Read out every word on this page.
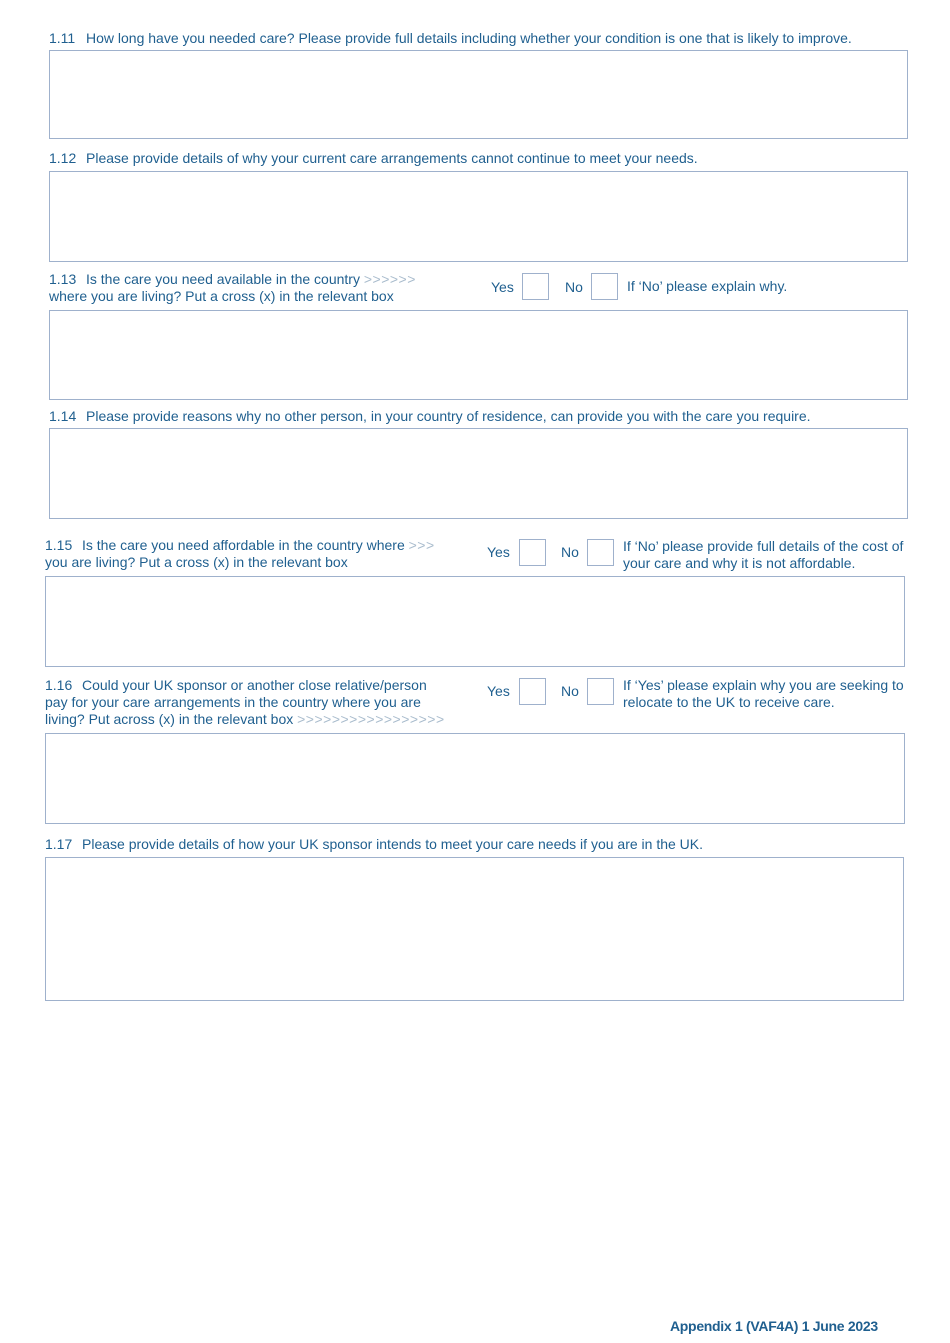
1.11 How long have you needed care? Please provide full details including whether your condition is one that is likely to improve.
1.12 Please provide details of why your current care arrangements cannot continue to meet your needs.
1.13 Is the care you need available in the country >>>>>>
where you are living? Put a cross (x) in the relevant box
Yes	No	If ‘No’ please explain why.
1.14 Please provide reasons why no other person, in your country of residence, can provide you with the care you require.
1.15 Is the care you need affordable in the country where >>>
you are living? Put a cross (x) in the relevant box
Yes	No	If ‘No’ please provide full details of the cost of
your care and why it is not affordable.
1.16 Could your UK sponsor or another close relative/person
pay for your care arrangements in the country where you are
living? Put across (x) in the relevant box >>>>>>>>>>>>>>>>>
Yes	No	If ‘Yes’ please explain why you are seeking to
relocate to the UK to receive care.
1.17 Please provide details of how your UK sponsor intends to meet your care needs if you are in the UK.
Appendix 1 (VAF4A) 1 June 2023
